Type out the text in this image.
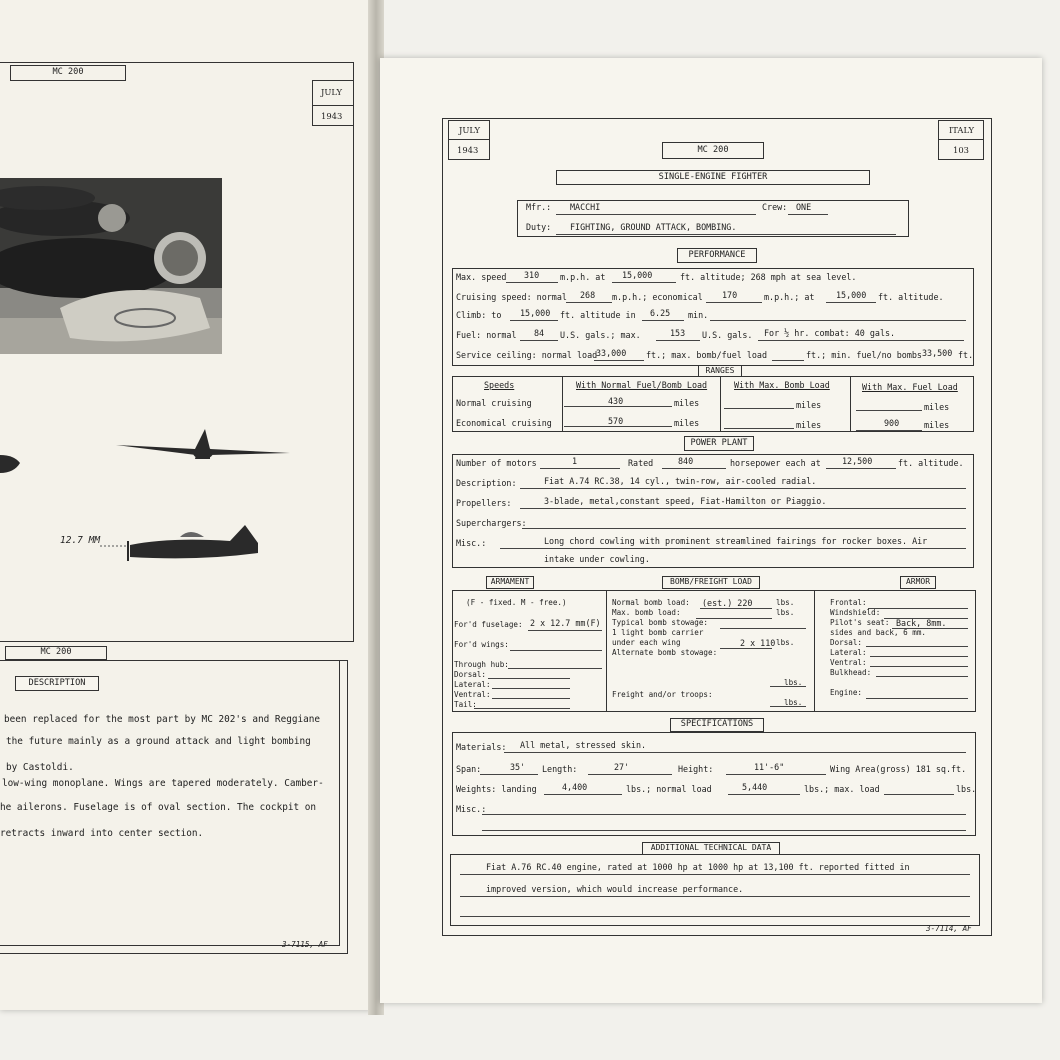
MC 200
JULY
1943
12.7 MM
MC 200
DESCRIPTION
been replaced for the most part by MC 202's and Reggiane
the future mainly as a ground attack and light bombing
by Castoldi.
low-wing monoplane. Wings are tapered moderately. Camber-
he ailerons. Fuselage is of oval section. The cockpit on
retracts inward into center section.
3-7115, AF
JULY
1943	MC 200
ITALY
103
SINGLE-ENGINE FIGHTER
Mfr.: MACCHI	Crew: ONE
Duty: FIGHTING, GROUND ATTACK, BOMBING.
PERFORMANCE
Max. speed 310 m.p.h. at 15,000	ft. altitude; 268 mph at sea level.
Cruising speed: normal 268 m.p.h.; economical 170	m.p.h.; at	15,000 ft. altitude.
Climb: to 15,000 ft. altitude in 6.25 min.
Fuel: normal 84 U.S. gals.; max.	153 U.S. gals. For ½ hr. combat: 40 gals.
Service ceiling: normal load
33,000 ft.; max. bomb/fuel load	ft.; min. fuel/no bombs 33,500 ft.
RANGES
Speeds	With Normal Fuel/Bomb Load	With Max. Bomb Load	With Max. Fuel Load
Normal cruising	430	miles	miles	miles
Economical cruising	570	miles	miles	900	miles
POWER PLANT
Number of motors	1	Rated	840	horsepower each at	12,500	ft. altitude.
Description:	Fiat A.74 RC.38, 14 cyl., twin-row, air-cooled radial.
Propellers:	3-blade, metal,constant speed, Fiat-Hamilton or Piaggio.
Superchargers:
Misc.:	Long chord cowling with prominent streamlined fairings for rocker boxes. Air
intake under cowling.
ARMAMENT	BOMB/FREIGHT LOAD	ARMOR
(F - fixed. M - free.)
For'd fuselage: 2 x 12.7 mm(F)
For'd wings:
Through hub:
Dorsal:
Lateral:
Ventral:
Tail:
Normal bomb load: (est.) 220	lbs.
Max. bomb load:	lbs.
Typical bomb stowage:
1 light bomb carrier
under each wing	2 x 110 lbs.
Alternate bomb stowage:
lbs.
Freight and/or troops:
lbs.
Frontal:
Windshield:
Pilot's seat: Back, 8mm.
sides and back, 6 mm.
Dorsal:
Lateral:
Ventral:
Bulkhead:
Engine:
SPECIFICATIONS
Materials: All metal, stressed skin.
Span:	35' Length:	27'	Height:	11'-6"	Wing Area(gross) 181 sq.ft.
Weights: landing	4,400	lbs.; normal load	5,440	lbs.; max. load	lbs.
Misc.:
ADDITIONAL TECHNICAL DATA
Fiat A.76 RC.40 engine, rated at 1000 hp at 1000 hp at 13,100 ft. reported fitted in
improved version, which would increase performance.
3-7114, AF
